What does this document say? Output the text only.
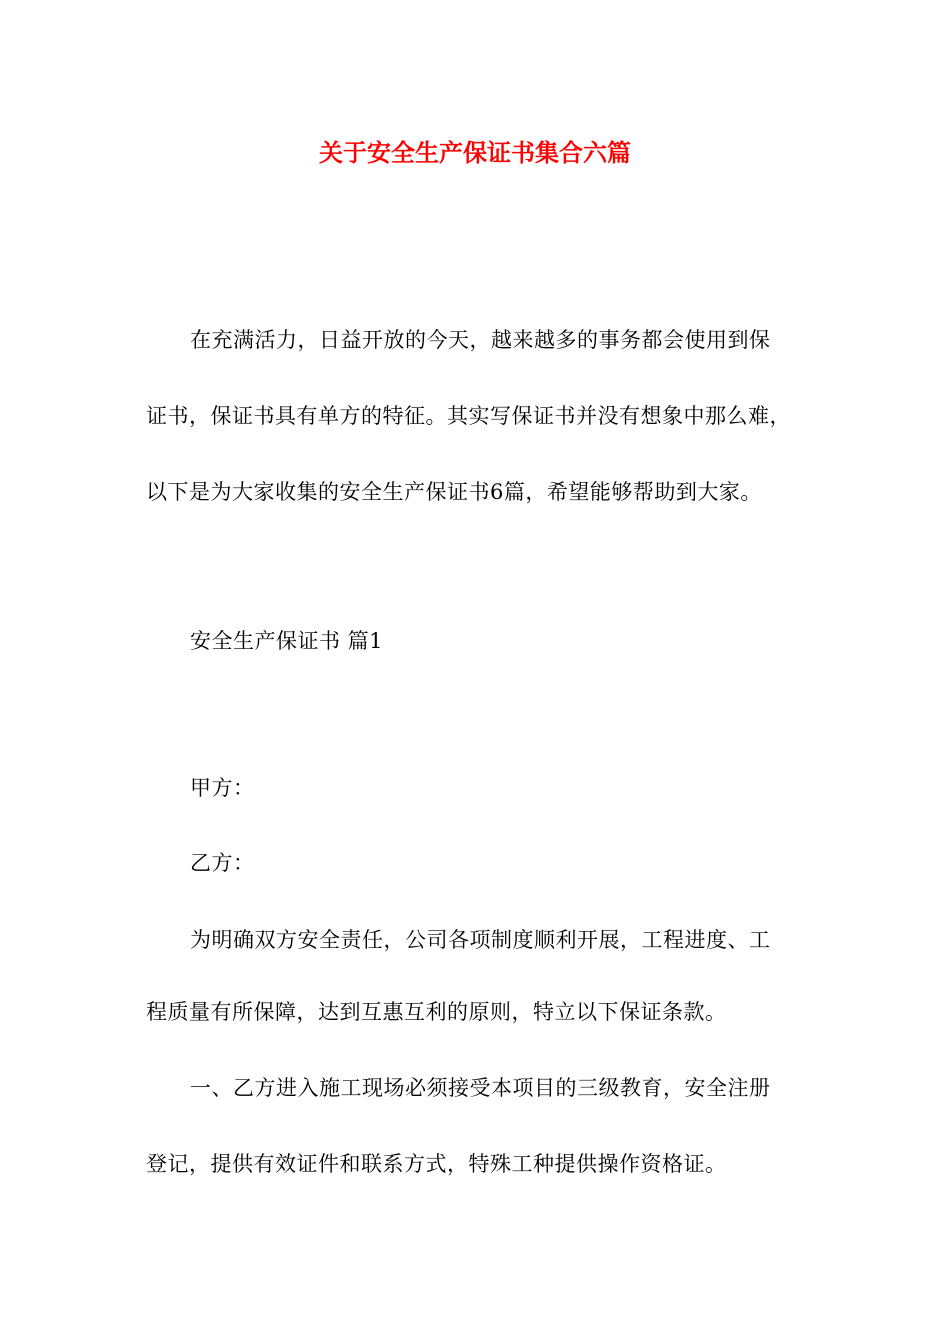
关于安全生产保证书集合六篇
在充满活力，日益开放的今天，越来越多的事务都会使用到保
证书，保证书具有单方的特征。其实写保证书并没有想象中那么难，
以下是为大家收集的安全生产保证书6篇，希望能够帮助到大家。
安全生产保证书 篇1
甲方：
乙方：
为明确双方安全责任，公司各项制度顺利开展，工程进度、工
程质量有所保障，达到互惠互利的原则，特立以下保证条款。
一、乙方进入施工现场必须接受本项目的三级教育，安全注册
登记，提供有效证件和联系方式，特殊工种提供操作资格证。
